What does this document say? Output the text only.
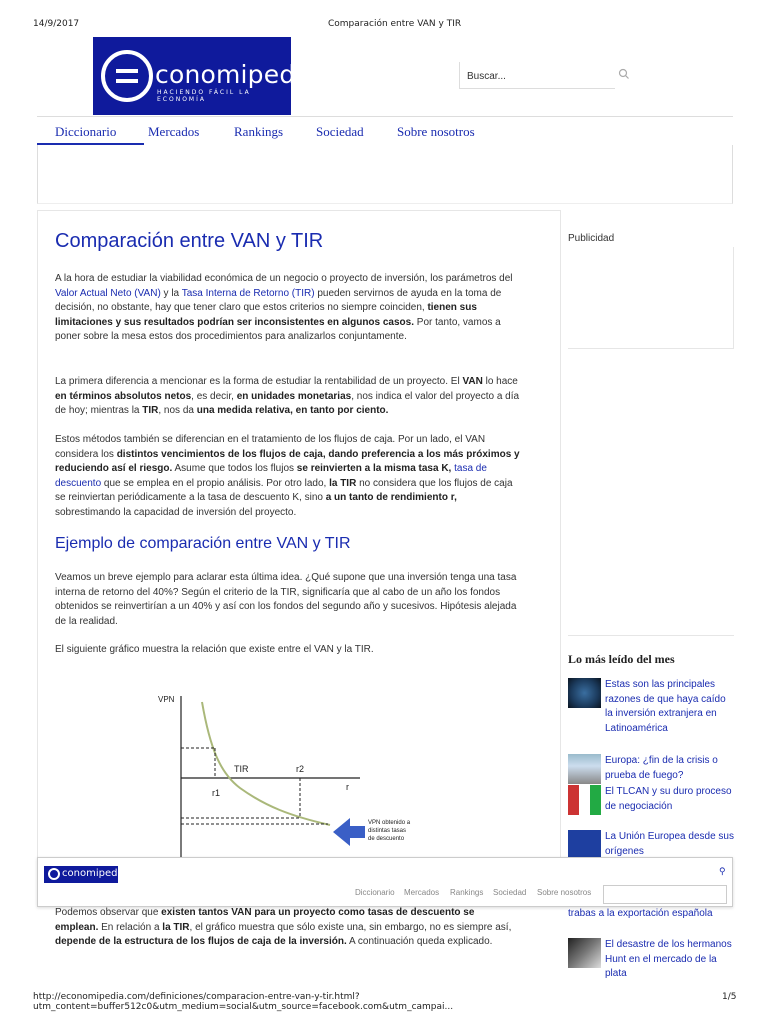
14/9/2017	Comparación entre VAN y TIR
conomipedia
HACIENDO FÁCIL LA ECONOMÍA
Buscar...
Diccionario Mercados	Rankings	Sociedad	Sobre nosotros
Comparación entre VAN y TIR
A la hora de estudiar la viabilidad económica de un negocio o proyecto de inversión, los parámetros del Valor Actual Neto (VAN) y la Tasa Interna de Retorno (TIR) pueden servirnos de ayuda en la toma de decisión, no obstante, hay que tener claro que estos criterios no siempre coinciden, tienen sus limitaciones y sus resultados podrían ser inconsistentes en algunos casos. Por tanto, vamos a poner sobre la mesa estos dos procedimientos para analizarlos conjuntamente.
La primera diferencia a mencionar es la forma de estudiar la rentabilidad de un proyecto. El VAN lo hace en términos absolutos netos, es decir, en unidades monetarias, nos indica el valor del proyecto a día de hoy; mientras la TIR, nos da una medida relativa, en tanto por ciento.
Estos métodos también se diferencian en el tratamiento de los flujos de caja. Por un lado, el VAN considera los distintos vencimientos de los flujos de caja, dando preferencia a los más próximos y reduciendo así el riesgo. Asume que todos los flujos se reinvierten a la misma tasa K, tasa de descuento que se emplea en el propio análisis. Por otro lado, la TIR no considera que los flujos de caja se reinviertan periódicamente a la tasa de descuento K, sino a un tanto de rendimiento r, sobrestimando la capacidad de inversión del proyecto.
Ejemplo de comparación entre VAN y TIR
Veamos un breve ejemplo para aclarar esta última idea. ¿Qué supone que una inversión tenga una tasa interna de retorno del 40%? Según el criterio de la TIR, significaría que al cabo de un año los fondos obtenidos se reinvertirían a un 40% y así con los fondos del segundo año y sucesivos. Hipótesis alejada de la realidad.
El siguiente gráfico muestra la relación que existe entre el VAN y la TIR.
VPN
TIR	r2
r1
r
VPN obtenido a
distintas tasas
de descuento
Podemos observar que existen tantos VAN para un proyecto como tasas de descuento se emplean. En relación a la TIR, el gráfico muestra que sólo existe una, sin embargo, no es siempre así, depende de la estructura de los flujos de caja de la inversión. A continuación queda explicado.
Publicidad
Lo más leído del mes
Estas son las principales razones de que haya caído la inversión extranjera en Latinoamérica
Europa: ¿fin de la crisis o prueba de fuego?
El TLCAN y su duro proceso de negociación
La Unión Europea desde sus orígenes
trabas a la exportación española
El desastre de los hermanos Hunt en el mercado de la plata
conomipedia	⚲
Diccionario Mercados Rankings Sociedad Sobre nosotros
http://economipedia.com/definiciones/comparacion-entre-van-y-tir.html?utm_content=buffer512c0&utm_medium=social&utm_source=facebook.com&utm_campai...
1/5
